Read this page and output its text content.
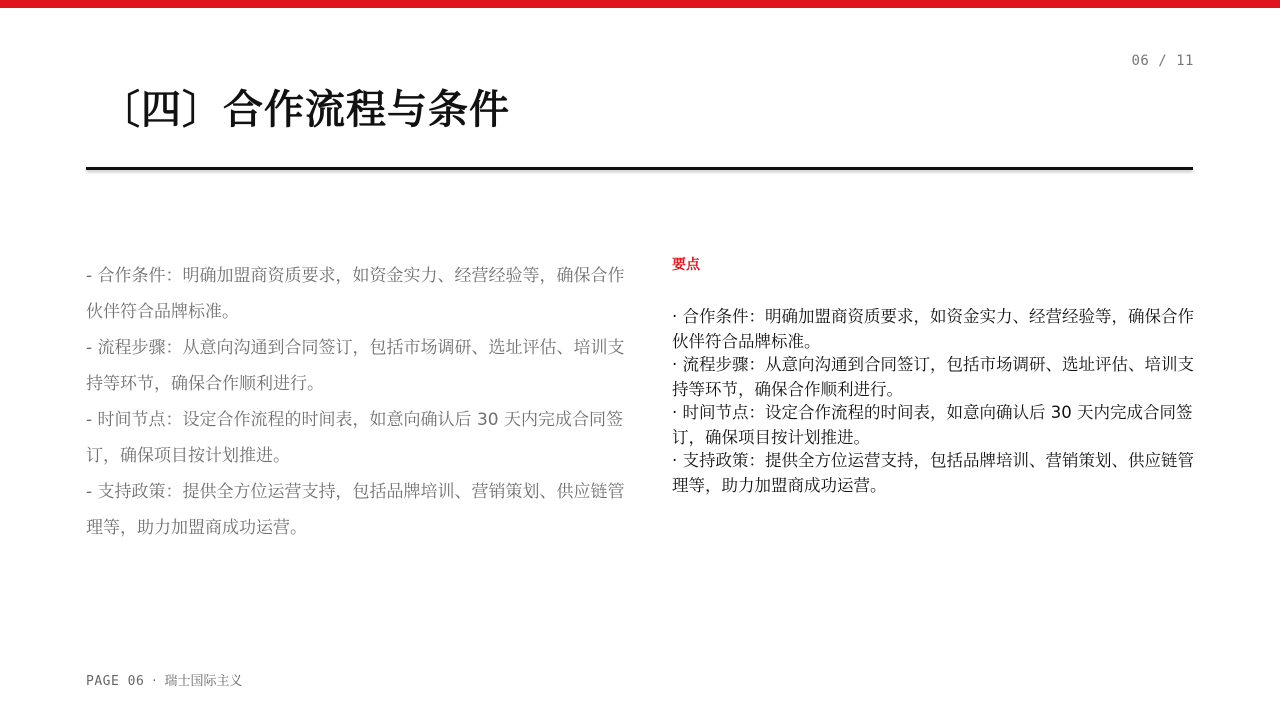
06 / 11
〔四〕合作流程与条件
- 合作条件：明确加盟商资质要求，如资金实力、经营经验等，确保合作伙伴符合品牌标准。
- 流程步骤：从意向沟通到合同签订，包括市场调研、选址评估、培训支持等环节，确保合作顺利进行。
- 时间节点：设定合作流程的时间表，如意向确认后 30 天内完成合同签订，确保项目按计划推进。
- 支持政策：提供全方位运营支持，包括品牌培训、营销策划、供应链管理等，助力加盟商成功运营。
要点
· 合作条件：明确加盟商资质要求，如资金实力、经营经验等，确保合作伙伴符合品牌标准。
· 流程步骤：从意向沟通到合同签订，包括市场调研、选址评估、培训支持等环节，确保合作顺利进行。
· 时间节点：设定合作流程的时间表，如意向确认后 30 天内完成合同签订，确保项目按计划推进。
· 支持政策：提供全方位运营支持，包括品牌培训、营销策划、供应链管理等，助力加盟商成功运营。
PAGE 06 · 瑞士国际主义
